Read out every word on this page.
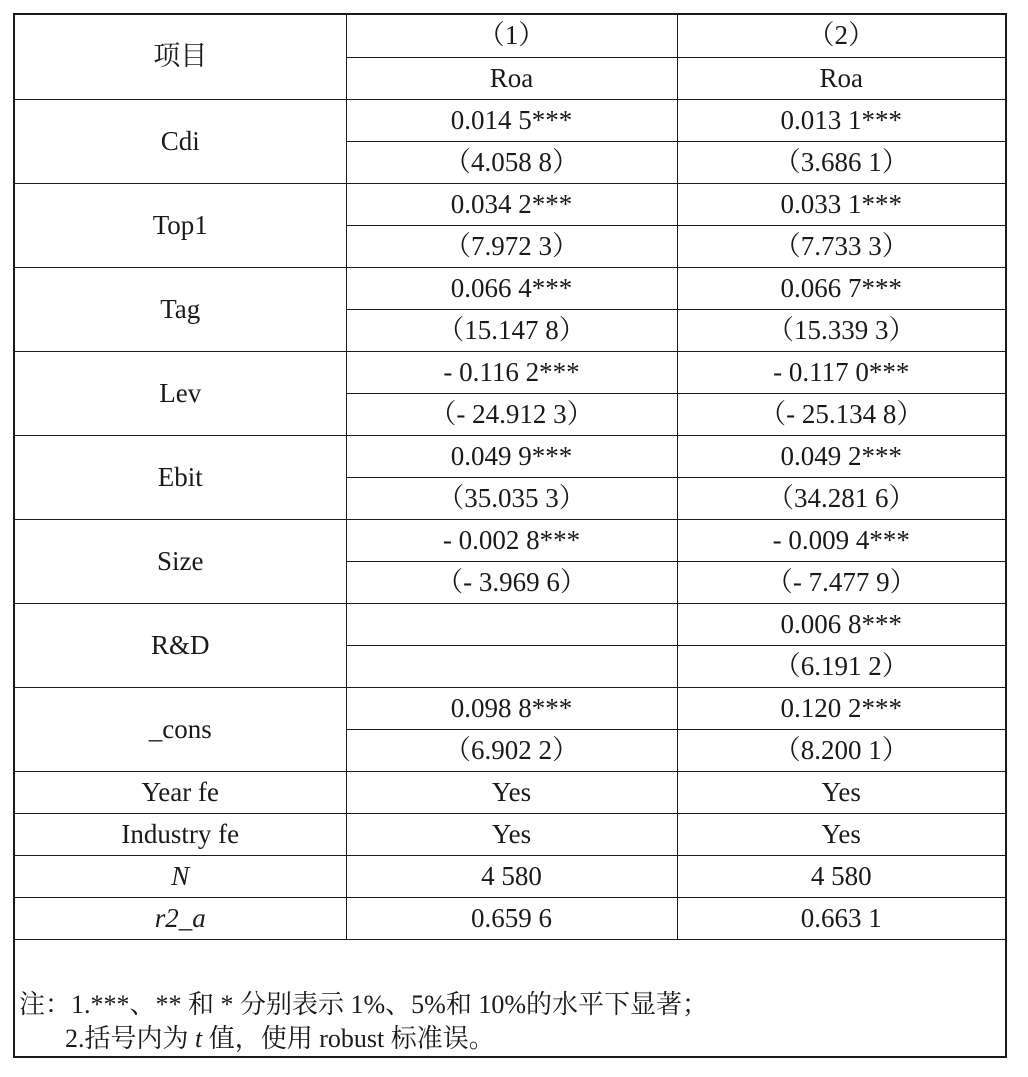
项目	（1）	（2）
	Roa	Roa
Cdi	0.014 5***	0.013 1***
	（4.058 8）	（3.686 1）
Top1	0.034 2***	0.033 1***
	（7.972 3）	（7.733 3）
Tag	0.066 4***	0.066 7***
	（15.147 8）	（15.339 3）
Lev	- 0.116 2***	- 0.117 0***
	（- 24.912 3）	（- 25.134 8）
Ebit	0.049 9***	0.049 2***
	（35.035 3）	（34.281 6）
Size	- 0.002 8***	- 0.009 4***
	（- 3.969 6）	（- 7.477 9）
R&D		0.006 8***
		（6.191 2）
_cons	0.098 8***	0.120 2***
	（6.902 2）	（8.200 1）
Year fe	Yes	Yes
Industry fe	Yes	Yes
N	4 580	4 580
r2_a	0.659 6	0.663 1
注：1.***、** 和 * 分别表示 1%、5%和 10%的水平下显著；
2.括号内为 t 值，使用 robust 标准误。
